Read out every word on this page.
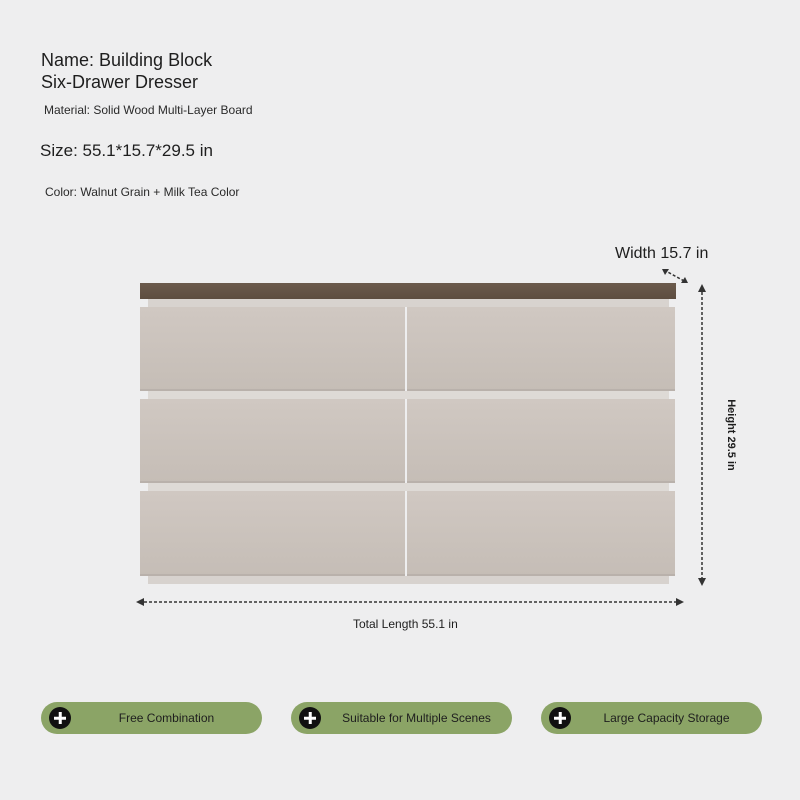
Name: Building Block
Six-Drawer Dresser
Material: Solid Wood Multi-Layer Board
Size: 55.1*15.7*29.5 in
Color: Walnut Grain + Milk Tea Color
Width 15.7 in
Height 29.5 in
Total Length 55.1 in
Free Combination	Suitable for Multiple Scenes	Large Capacity Storage
